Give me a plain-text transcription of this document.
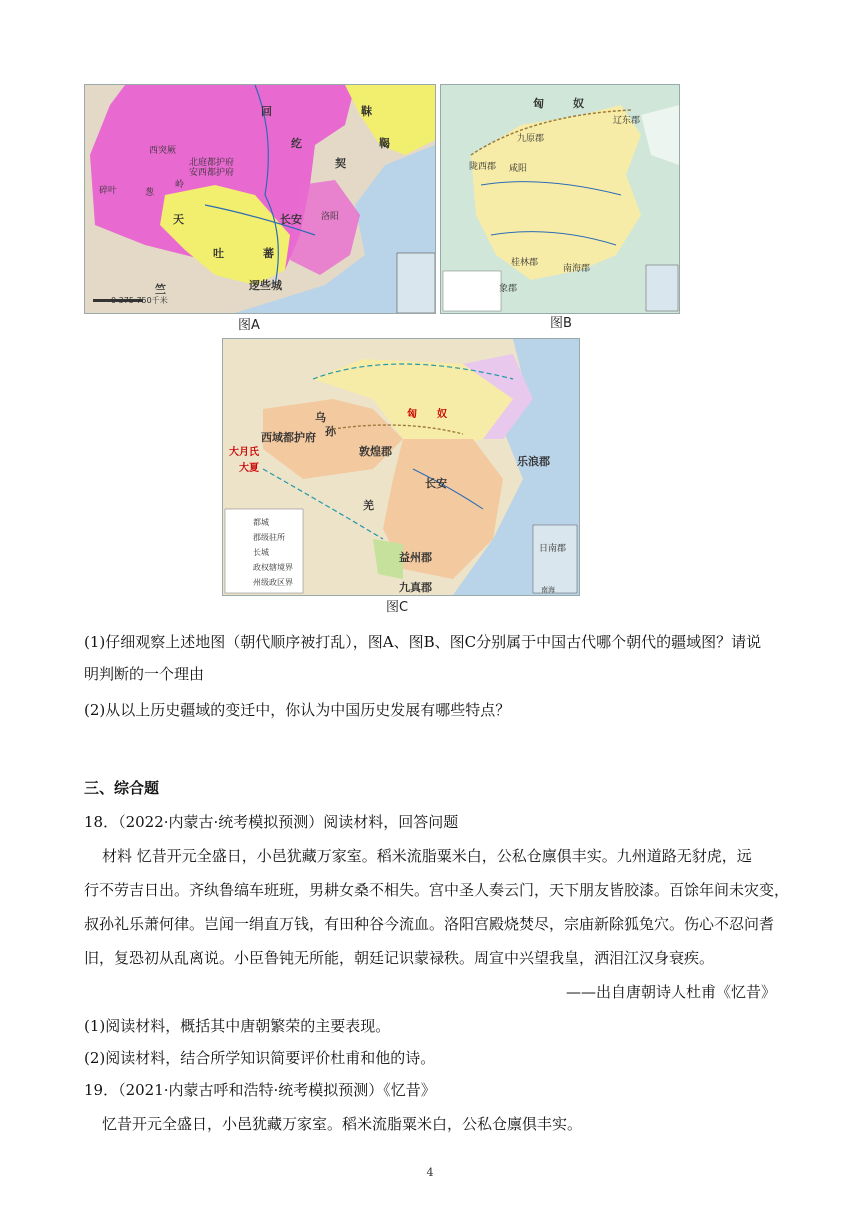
回
纥
西突厥
碎叶	葱
岭
安西都护府
北庭都护府
吐	蕃
长安 洛阳
逻些城
天
竺
靺
鞨
契
0 375 750千米
图A
匈	奴
九原郡
辽东郡
陇西郡 咸阳
桂林郡
象郡
南海郡
图B
乌
孙
大月氏
大夏
西域都护府
敦煌郡
匈 奴
乐浪郡
长安
羌
益州郡
九真郡
日南郡
南海
都城
郡级驻所
长城
政权辖境界
州级政区界
图C
(1)仔细观察上述地图（朝代顺序被打乱），图A、图B、图C分别属于中国古代哪个朝代的疆域图？请说
明判断的一个理由
(2)从以上历史疆域的变迁中，你认为中国历史发展有哪些特点？
三、综合题
18．（2022·内蒙古·统考模拟预测）阅读材料，回答问题
材料 忆昔开元全盛日，小邑犹藏万家室。稻米流脂粟米白，公私仓廪俱丰实。九州道路无豺虎，远
行不劳吉日出。齐纨鲁缟车班班，男耕女桑不相失。宫中圣人奏云门，天下朋友皆胶漆。百馀年间未灾变，
叔孙礼乐萧何律。岂闻一绢直万钱，有田种谷今流血。洛阳宫殿烧焚尽，宗庙新除狐兔穴。伤心不忍问耆
旧，复恐初从乱离说。小臣鲁钝无所能，朝廷记识蒙禄秩。周宣中兴望我皇，洒泪江汉身衰疾。
——出自唐朝诗人杜甫《忆昔》
(1)阅读材料，概括其中唐朝繁荣的主要表现。
(2)阅读材料，结合所学知识简要评价杜甫和他的诗。
19．（2021·内蒙古呼和浩特·统考模拟预测）《忆昔》
忆昔开元全盛日，小邑犹藏万家室。稻米流脂粟米白，公私仓廪俱丰实。
4
